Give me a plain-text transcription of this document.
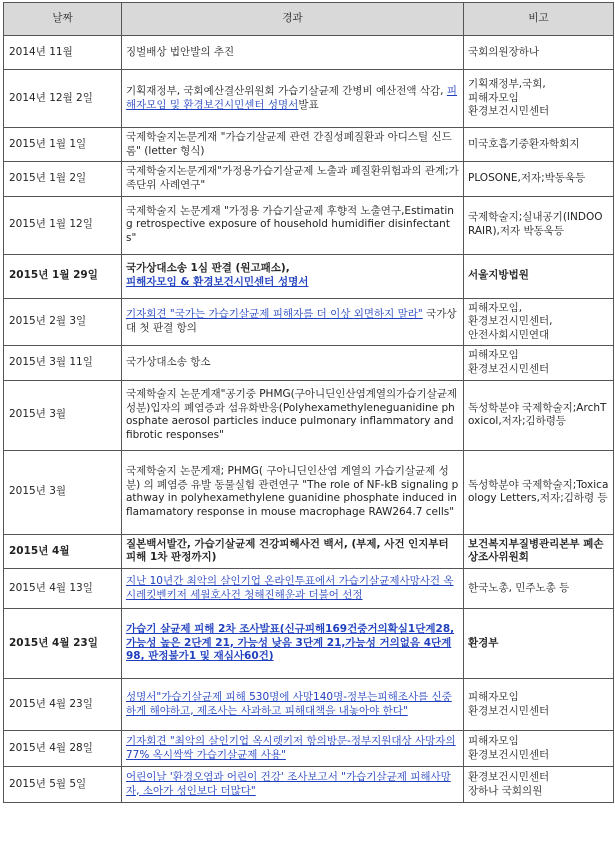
날짜	경과	비고
2014년 11월	징벌배상 법안발의 추진	국회의원장하나
2014년 12월 2일	기획재정부, 국회예산결산위원회 가습기살균제 간병비 예산전액 삭감, 피해자모임 및 환경보건시민센터 성명서발표	기획재정부,국회,
피해자모임
환경보건시민센터
2015년 1월 1일	국제학술지논문게재 "가습기살균제 관련 간질성폐질환과 아디스틸 신드롬" (letter 형식)	미국호흡기중환자학회지
2015년 1월 2일	국제학술지논문게재"가정용가습기살균제 노출과 폐질환위험과의 관계;가족단위 사례연구"	PLOSONE,저자;박동욱등
2015년 1월 12일	국제학술지 논문게재 "가정용 가습기살균제 후향적 노출연구,Estimating retrospective exposure of household humidifier disinfectants"	국제학술지;실내공기(INDOORAIR),저자 박동욱등
2015년 1월 29일	국가상대소송 1심 판결 (원고패소),
피해자모임 & 환경보건시민센터 성명서	서울지방법원
2015년 2월 3일	기자회견 "국가는 가습기살균제 피해자를 더 이상 외면하지 말라" 국가상대 첫 판결 항의	피해자모임,
환경보건시민센터,
안전사회시민연대
2015년 3월 11일	국가상대소송 항소	피해자모임
환경보건시민센터
2015년 3월	국제학술지 논문게재"공기중 PHMG(구아니딘인산염계열의가습기살균제성분)입자의 폐염증과 섬유화반응(Polyhexamethyleneguanidine phosphate aerosol particles induce pulmonary inflammatory and fibrotic responses"	독성학분야 국제학술지;ArchToxicol,저자;김하령등
2015년 3월	국제학술지 논문게재; PHMG( 구아니딘인산염 계열의 가습기살균제 성분) 의 폐염증 유발 동물실험 관련연구 "The role of NF-kB signaling pathway in polyhexamethylene guanidine phosphate induced inflamamatory response in mouse macrophage RAW264.7 cells"	독성학분야 국제학술지;Toxicaology Letters,저자;김하령 등
2015년 4월	질본백서발간, 가습기살균제 건강피해사건 백서, (부제, 사건 인지부터 피해 1차 판정까지)	보건복지부질병관리본부 폐손상조사위원회
2015년 4월 13일	지난 10년간 최악의 살인기업 온라인투표에서 가습기살균제사망사건 옥시레킷벤키저 세월호사건 청해진해운과 더불어 선정	한국노총, 민주노총 등
2015년 4월 23일	가습기 살균제 피해 2차 조사발표(신규피해169건중거의확실1단계28, 가능성 높은 2단계 21, 가능성 낮음 3단계 21,가능성 거의없음 4단계 98, 판정불가1 및 재심사60건)	환경부
2015년 4월 23일	성명서"가습기살균제 피해 530명에 사망140명-정부는피해조사를 신중하게 해야하고, 제조사는 사과하고 피해대책을 내놓아야 한다"	피해자모임
환경보건시민센터
2015년 4월 28일	기자회견 "최악의 살인기업 옥시렛키저 항의방문-정부지원대상 사망자의 77% 옥시싹싹 가습기살균제 사용"	피해자모임
환경보건시민센터
2015년 5월 5일	어린이날 '환경오염과 어린이 건강' 조사보고서 "가습기살균제 피해사망자, 소아가 성인보다 더많다"	환경보건시민센터
장하나 국회의원
